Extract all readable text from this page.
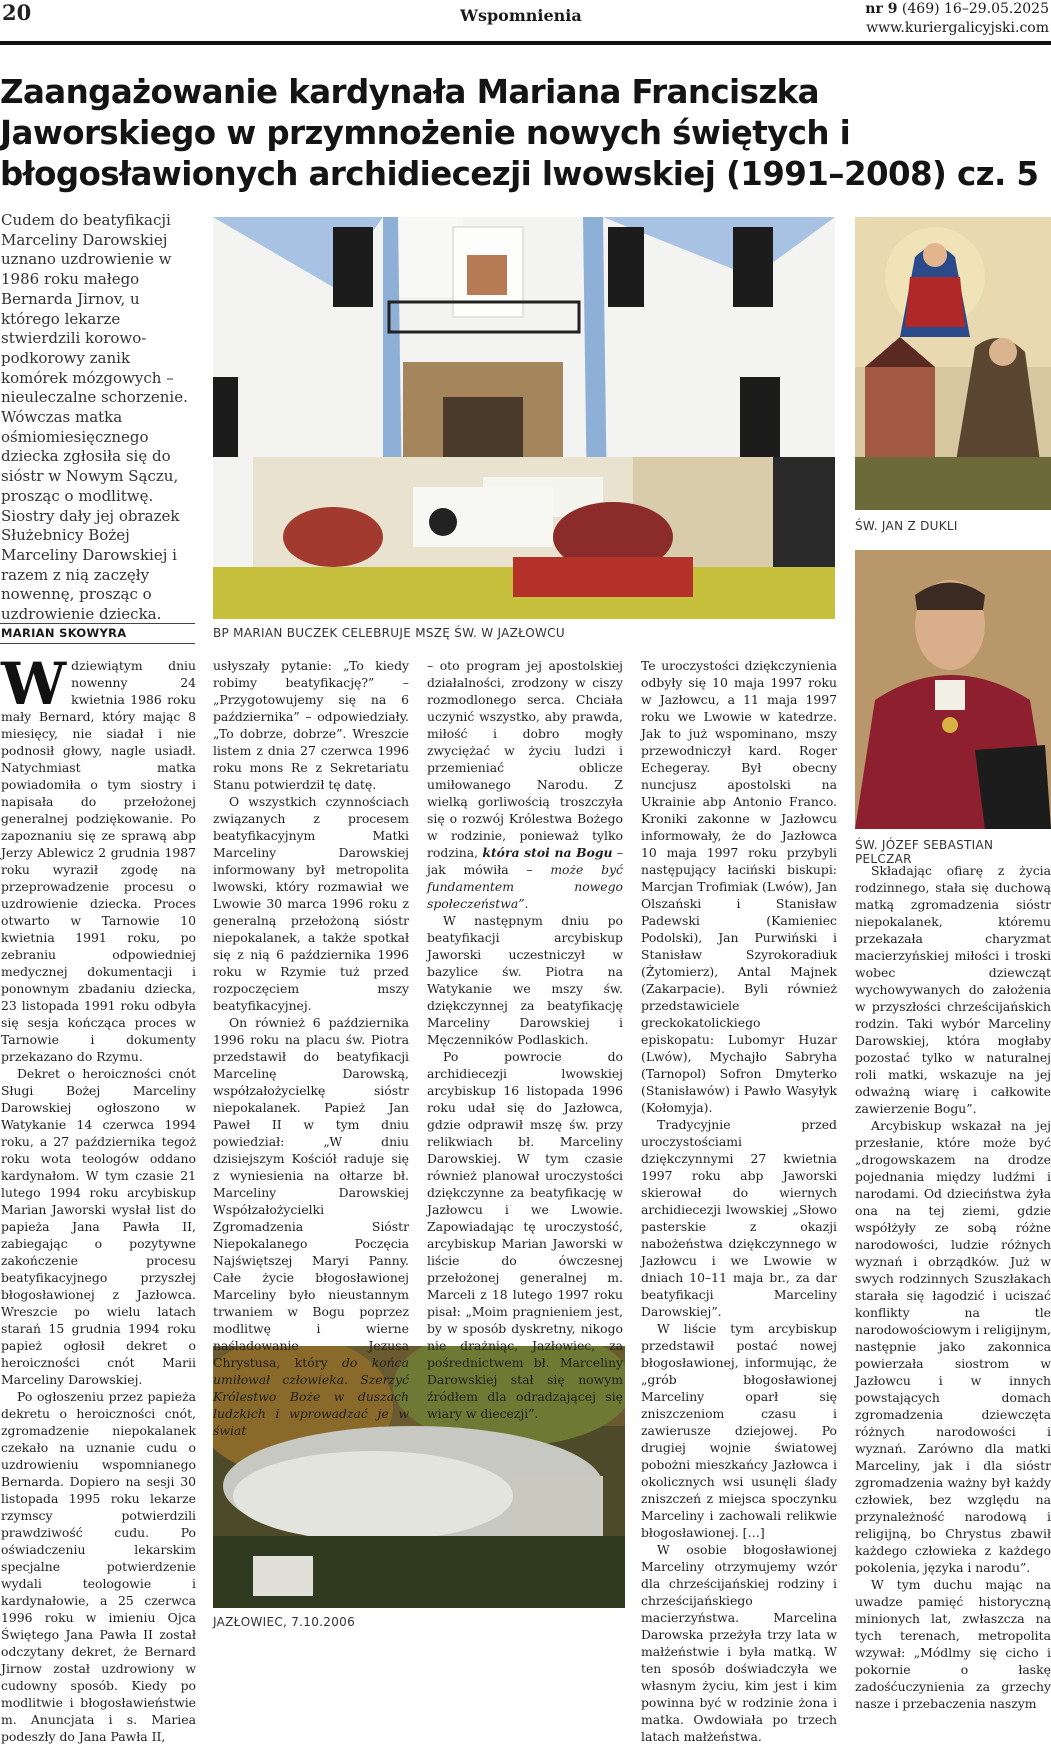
20	Wspomnienia	nr 9 (469) 16–29.05.2025
www.kuriergalicyjski.com
Zaangażowanie kardynała Mariana Franciszka Jaworskiego w przymnożenie nowych świętych i błogosławionych archidiecezji lwowskiej (1991–2008) cz. 5
Cudem do beatyfikacji Marceliny Darowskiej uznano uzdrowienie w 1986 roku małego Bernarda Jirnov, u którego lekarze stwierdzili korowo-podkorowy zanik komórek mózgowych – nieuleczalne schorzenie. Wówczas matka ośmiomiesięcznego dziecka zgłosiła się do sióstr w Nowym Sączu, prosząc o modlitwę. Siostry dały jej obrazek Służebnicy Bożej Marceliny Darowskiej i razem z nią zaczęły nowennę, prosząc o uzdrowienie dziecka.
MARIAN SKOWYRA	BP MARIAN BUCZEK CELEBRUJE MSZĘ ŚW. W JAZŁOWCU
ŚW. JAN Z DUKLI
ŚW. JÓZEF SEBASTIAN PELCZAR
JAZŁOWIEC, 7.10.2006

Wdziewiątym dniu nowenny 24 kwietnia 1986 roku mały Bernard, który mając 8 miesięcy, nie siadał i nie podnosił głowy, nagle usiadł. Natychmiast matka powiadomiła o tym siostry i napisała do przełożonej generalnej podziękowanie. Po zapoznaniu się ze sprawą abp Jerzy Ablewicz 2 grudnia 1987 roku wyraził zgodę na przeprowadzenie procesu o uzdrowienie dziecka. Proces otwarto w Tarnowie 10 kwietnia 1991 roku, po zebraniu odpowiedniej medycznej dokumentacji i ponownym zbadaniu dziecka, 23 listopada 1991 roku odbyła się sesja kończąca proces w Tarnowie i dokumenty przekazano do Rzymu.

Dekret o heroiczności cnót Sługi Bożej Marceliny Darowskiej ogłoszono w Watykanie 14 czerwca 1994 roku, a 27 października tegoż roku wota teologów oddano kardynałom. W tym czasie 21 lutego 1994 roku arcybiskup Marian Jaworski wysłał list do papieża Jana Pawła II, zabiegając o pozytywne zakończenie procesu beatyfikacyjnego przyszłej błogosławionej z Jazłowca. Wreszcie po wielu latach starań 15 grudnia 1994 roku papież ogłosił dekret o heroiczności cnót Marii Marceliny Darowskiej.

Po ogłoszeniu przez papieża dekretu o heroiczności cnót, zgromadzenie niepokalanek czekało na uznanie cudu o uzdrowieniu wspomnianego Bernarda. Dopiero na sesji 30 listopada 1995 roku lekarze rzymscy potwierdzili prawdziwość cudu. Po oświadczeniu lekarskim specjalne potwierdzenie wydali teologowie i kardynałowie, a 25 czerwca 1996 roku w imieniu Ojca Świętego Jana Pawła II został odczytany dekret, że Bernard Jirnow został uzdrowiony w cudowny sposób. Kiedy po modlitwie i błogosławieństwie m. Anuncjata i s. Mariea podeszły do Jana Pawła II,

usłyszały pytanie: „To kiedy robimy beatyfikację?” – „Przygotowujemy się na 6 października” – odpowiedziały. „To dobrze, dobrze”. Wreszcie listem z dnia 27 czerwca 1996 roku mons Re z Sekretariatu Stanu potwierdził tę datę.

O wszystkich czynnościach związanych z procesem beatyfikacyjnym Matki Marceliny Darowskiej informowany był metropolita lwowski, który rozmawiał we Lwowie 30 marca 1996 roku z generalną przełożoną sióstr niepokalanek, a także spotkał się z nią 6 października 1996 roku w Rzymie tuż przed rozpoczęciem mszy beatyfikacyjnej.

On również 6 października 1996 roku na placu św. Piotra przedstawił do beatyfikacji Marcelinę Darowską, współzałożycielkę sióstr niepokalanek. Papież Jan Paweł II w tym dniu powiedział: „W dniu dzisiejszym Kościół raduje się z wyniesienia na ołtarze bł. Marceliny Darowskiej Współzałożycielki Zgromadzenia Sióstr Niepokalanego Poczęcia Najświętszej Maryi Panny. Całe życie błogosławionej Marceliny było nieustannym trwaniem w Bogu poprzez modlitwę i wierne naśladowanie Jezusa Chrystusa, który do końca umiłował człowieka. Szerzyć Królestwo Boże w duszach ludzkich i wprowadzać je w świat

– oto program jej apostolskiej działalności, zrodzony w ciszy rozmodlonego serca. Chciała uczynić wszystko, aby prawda, miłość i dobro mogły zwyciężać w życiu ludzi i przemieniać oblicze umiłowanego Narodu. Z wielką gorliwością troszczyła się o rozwój Królestwa Bożego w rodzinie, ponieważ tylko rodzina, która stoi na Bogu – jak mówiła – może być fundamentem nowego społeczeństwa”.

W następnym dniu po beatyfikacji arcybiskup Jaworski uczestniczył w bazylice św. Piotra na Watykanie we mszy św. dziękczynnej za beatyfikację Marceliny Darowskiej i Męczenników Podlaskich.

Po powrocie do archidiecezji lwowskiej arcybiskup 16 listopada 1996 roku udał się do Jazłowca, gdzie odprawił mszę św. przy relikwiach bł. Marceliny Darowskiej. W tym czasie również planował uroczystości dziękczynne za beatyfikację w Jazłowcu i we Lwowie. Zapowiadając tę uroczystość, arcybiskup Marian Jaworski w liście do ówczesnej przełożonej generalnej m. Marceli z 18 lutego 1997 roku pisał: „Moim pragnieniem jest, by w sposób dyskretny, nikogo nie drażniąc, Jazłowiec, za pośrednictwem bł. Marceliny Darowskiej stał się nowym źródłem dla odradzającej się wiary w diecezji”.

Te uroczystości dziękczynienia odbyły się 10 maja 1997 roku w Jazłowcu, a 11 maja 1997 roku we Lwowie w katedrze. Jak to już wspominano, mszy przewodniczył kard. Roger Echegeray. Był obecny nuncjusz apostolski na Ukrainie abp Antonio Franco. Kroniki zakonne w Jazłowcu informowały, że do Jazłowca 10 maja 1997 roku przybyli następujący łaciński biskupi: Marcjan Trofimiak (Lwów), Jan Olszański i Stanisław Padewski (Kamieniec Podolski), Jan Purwiński i Stanisław Szyrokoradiuk (Żytomierz), Antal Majnek (Zakarpacie). Byli również przedstawiciele greckokatolickiego episkopatu: Lubomyr Huzar (Lwów), Mychajło Sabryha (Tarnopol) Sofron Dmyterko (Stanisławów) i Pawło Wasyłyk (Kołomyja).

Tradycyjnie przed uroczystościami dziękczynnymi 27 kwietnia 1997 roku abp Jaworski skierował do wiernych archidiecezji lwowskiej „Słowo pasterskie z okazji nabożeństwa dziękczynnego w Jazłowcu i we Lwowie w dniach 10–11 maja br., za dar beatyfikacji Marceliny Darowskiej”.

W liście tym arcybiskup przedstawił postać nowej błogosławionej, informując, że „grób błogosławionej Marceliny oparł się zniszczeniom czasu i zawierusze dziejowej. Po drugiej wojnie światowej pobożni mieszkańcy Jazłowca i okolicznych wsi usunęli ślady zniszczeń z miejsca spoczynku Marceliny i zachowali relikwie błogosławionej. […]

W osobie błogosławionej Marceliny otrzymujemy wzór dla chrześcijańskiej rodziny i chrześcijańskiego macierzyństwa. Marcelina Darowska przeżyła trzy lata w małżeństwie i była matką. W ten sposób doświadczyła we własnym życiu, kim jest i kim powinna być w rodzinie żona i matka. Owdowiała po trzech latach małżeństwa.

Składając ofiarę z życia rodzinnego, stała się duchową matką zgromadzenia sióstr niepokalanek, któremu przekazała charyzmat macierzyńskiej miłości i troski wobec dziewcząt wychowywanych do założenia w przyszłości chrześcijańskich rodzin. Taki wybór Marceliny Darowskiej, która mogłaby pozostać tylko w naturalnej roli matki, wskazuje na jej odważną wiarę i całkowite zawierzenie Bogu”.

Arcybiskup wskazał na jej przesłanie, które może być „drogowskazem na drodze pojednania między ludźmi i narodami. Od dzieciństwa żyła ona na tej ziemi, gdzie współżyły ze sobą różne narodowości, ludzie różnych wyznań i obrządków. Już w swych rodzinnych Szuszłakach starała się łagodzić i uciszać konflikty na tle narodowościowym i religijnym, następnie jako zakonnica powierzała siostrom w Jazłowcu i w innych powstających domach zgromadzenia dziewczęta różnych narodowości i wyznań. Zarówno dla matki Marceliny, jak i dla sióstr zgromadzenia ważny był każdy człowiek, bez względu na przynależność narodową i religijną, bo Chrystus zbawił każdego człowieka z każdego pokolenia, języka i narodu”.

W tym duchu mając na uwadze pamięć historyczną minionych lat, zwłaszcza na tych terenach, metropolita wzywał: „Módlmy się cicho i pokornie o łaskę zadośćuczynienia za grzechy nasze i przebaczenia naszym
